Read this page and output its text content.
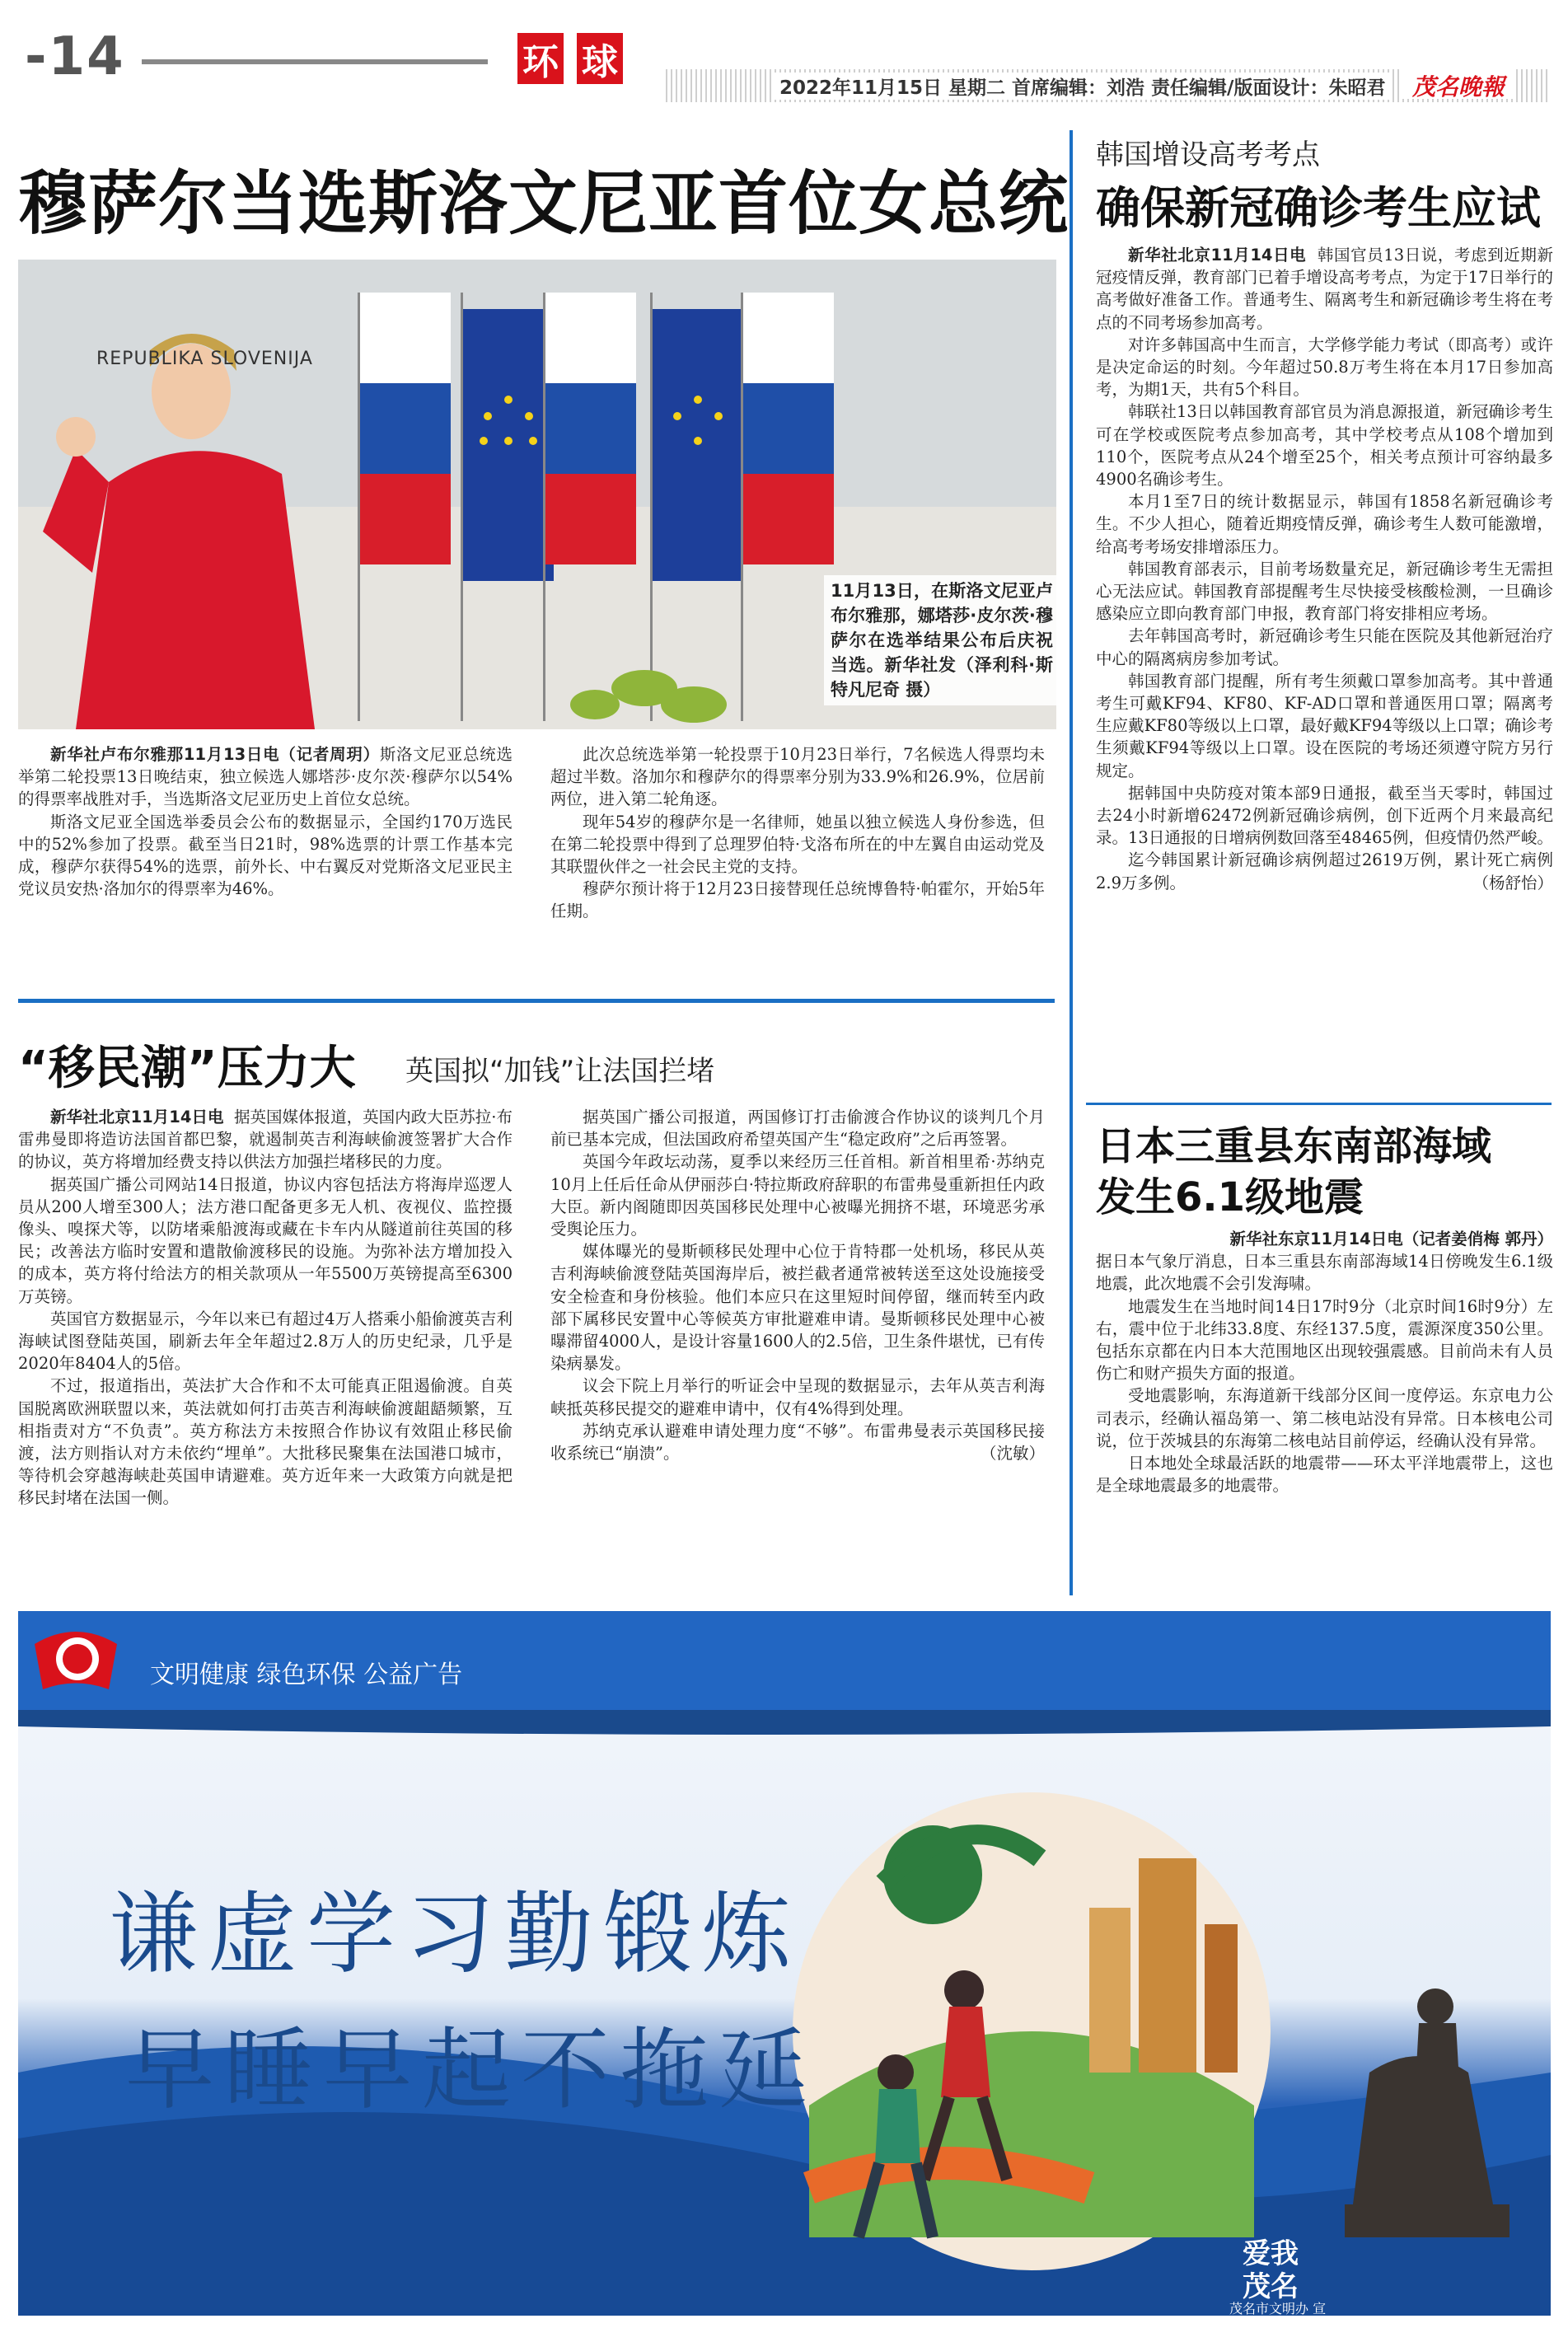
-14	环 球
2022年11月15日 星期二 首席编辑：刘浩 责任编辑/版面设计：朱昭君	茂名晚報
穆萨尔当选斯洛文尼亚首位女总统
REPUBLIKA SLOVENIJA
11月13日，在斯洛文尼亚卢布尔雅那，娜塔莎·皮尔茨·穆萨尔在选举结果公布后庆祝当选。新华社发（泽利科·斯特凡尼奇 摄）

新华社卢布尔雅那11月13日电（记者周玥）斯洛文尼亚总统选举第二轮投票13日晚结束，独立候选人娜塔莎·皮尔茨·穆萨尔以54%的得票率战胜对手，当选斯洛文尼亚历史上首位女总统。

斯洛文尼亚全国选举委员会公布的数据显示，全国约170万选民中的52%参加了投票。截至当日21时，98%选票的计票工作基本完成，穆萨尔获得54%的选票，前外长、中右翼反对党斯洛文尼亚民主党议员安热·洛加尔的得票率为46%。

此次总统选举第一轮投票于10月23日举行，7名候选人得票均未超过半数。洛加尔和穆萨尔的得票率分别为33.9%和26.9%，位居前两位，进入第二轮角逐。

现年54岁的穆萨尔是一名律师，她虽以独立候选人身份参选，但在第二轮投票中得到了总理罗伯特·戈洛布所在的中左翼自由运动党及其联盟伙伴之一社会民主党的支持。

穆萨尔预计将于12月23日接替现任总统博鲁特·帕霍尔，开始5年任期。

“移民潮”压力大 英国拟“加钱”让法国拦堵

新华社北京11月14日电 据英国媒体报道，英国内政大臣苏拉·布雷弗曼即将造访法国首都巴黎，就遏制英吉利海峡偷渡签署扩大合作的协议，英方将增加经费支持以供法方加强拦堵移民的力度。

据英国广播公司网站14日报道，协议内容包括法方将海岸巡逻人员从200人增至300人；法方港口配备更多无人机、夜视仪、监控摄像头、嗅探犬等，以防堵乘船渡海或藏在卡车内从隧道前往英国的移民；改善法方临时安置和遣散偷渡移民的设施。为弥补法方增加投入的成本，英方将付给法方的相关款项从一年5500万英镑提高至6300万英镑。

英国官方数据显示，今年以来已有超过4万人搭乘小船偷渡英吉利海峡试图登陆英国，刷新去年全年超过2.8万人的历史纪录，几乎是2020年8404人的5倍。

不过，报道指出，英法扩大合作和不太可能真正阻遏偷渡。自英国脱离欧洲联盟以来，英法就如何打击英吉利海峡偷渡龃龉频繁，互相指责对方“不负责”。英方称法方未按照合作协议有效阻止移民偷渡，法方则指认对方未依约“埋单”。大批移民聚集在法国港口城市，等待机会穿越海峡赴英国申请避难。英方近年来一大政策方向就是把移民封堵在法国一侧。

据英国广播公司报道，两国修订打击偷渡合作协议的谈判几个月前已基本完成，但法国政府希望英国产生“稳定政府”之后再签署。

英国今年政坛动荡，夏季以来经历三任首相。新首相里希·苏纳克10月上任后任命从伊丽莎白·特拉斯政府辞职的布雷弗曼重新担任内政大臣。新内阁随即因英国移民处理中心被曝光拥挤不堪，环境恶劣承受舆论压力。

媒体曝光的曼斯顿移民处理中心位于肯特郡一处机场，移民从英吉利海峡偷渡登陆英国海岸后，被拦截者通常被转送至这处设施接受安全检查和身份核验。他们本应只在这里短时间停留，继而转至内政部下属移民安置中心等候英方审批避难申请。曼斯顿移民处理中心被曝滞留4000人，是设计容量1600人的2.5倍，卫生条件堪忧，已有传染病暴发。

议会下院上月举行的听证会中呈现的数据显示，去年从英吉利海峡抵英移民提交的避难申请中，仅有4%得到处理。

苏纳克承认避难申请处理力度“不够”。布雷弗曼表示英国移民接收系统已“崩溃”。	（沈敏）

韩国增设高考考点
确保新冠确诊考生应试

新华社北京11月14日电 韩国官员13日说，考虑到近期新冠疫情反弹，教育部门已着手增设高考考点，为定于17日举行的高考做好准备工作。普通考生、隔离考生和新冠确诊考生将在考点的不同考场参加高考。

对许多韩国高中生而言，大学修学能力考试（即高考）或许是决定命运的时刻。今年超过50.8万考生将在本月17日参加高考，为期1天，共有5个科目。

韩联社13日以韩国教育部官员为消息源报道，新冠确诊考生可在学校或医院考点参加高考，其中学校考点从108个增加到110个，医院考点从24个增至25个，相关考点预计可容纳最多4900名确诊考生。

本月1至7日的统计数据显示，韩国有1858名新冠确诊考生。不少人担心，随着近期疫情反弹，确诊考生人数可能激增，给高考考场安排增添压力。

韩国教育部表示，目前考场数量充足，新冠确诊考生无需担心无法应试。韩国教育部提醒考生尽快接受核酸检测，一旦确诊感染应立即向教育部门申报，教育部门将安排相应考场。

去年韩国高考时，新冠确诊考生只能在医院及其他新冠治疗中心的隔离病房参加考试。

韩国教育部门提醒，所有考生须戴口罩参加高考。其中普通考生可戴KF94、KF80、KF-AD口罩和普通医用口罩；隔离考生应戴KF80等级以上口罩，最好戴KF94等级以上口罩；确诊考生须戴KF94等级以上口罩。设在医院的考场还须遵守院方另行规定。

据韩国中央防疫对策本部9日通报，截至当天零时，韩国过去24小时新增62472例新冠确诊病例，创下近两个月来最高纪录。13日通报的日增病例数回落至48465例，但疫情仍然严峻。

迄今韩国累计新冠确诊病例超过2619万例，累计死亡病例2.9万多例。	（杨舒怡）

日本三重县东南部海域
发生6.1级地震

新华社东京11月14日电（记者姜俏梅 郭丹）

据日本气象厅消息，日本三重县东南部海域14日傍晚发生6.1级地震，此次地震不会引发海啸。

地震发生在当地时间14日17时9分（北京时间16时9分）左右，震中位于北纬33.8度、东经137.5度，震源深度350公里。包括东京都在内日本大范围地区出现较强震感。目前尚未有人员伤亡和财产损失方面的报道。

受地震影响，东海道新干线部分区间一度停运。东京电力公司表示，经确认福岛第一、第二核电站没有异常。日本核电公司说，位于茨城县的东海第二核电站目前停运，经确认没有异常。

日本地处全球最活跃的地震带——环太平洋地震带上，这也是全球地震最多的地震带。

文明健康 绿色环保 公益广告
谦虚学习勤锻炼
早睡早起不拖延
爱我茂名
茂名市文明办 宣
